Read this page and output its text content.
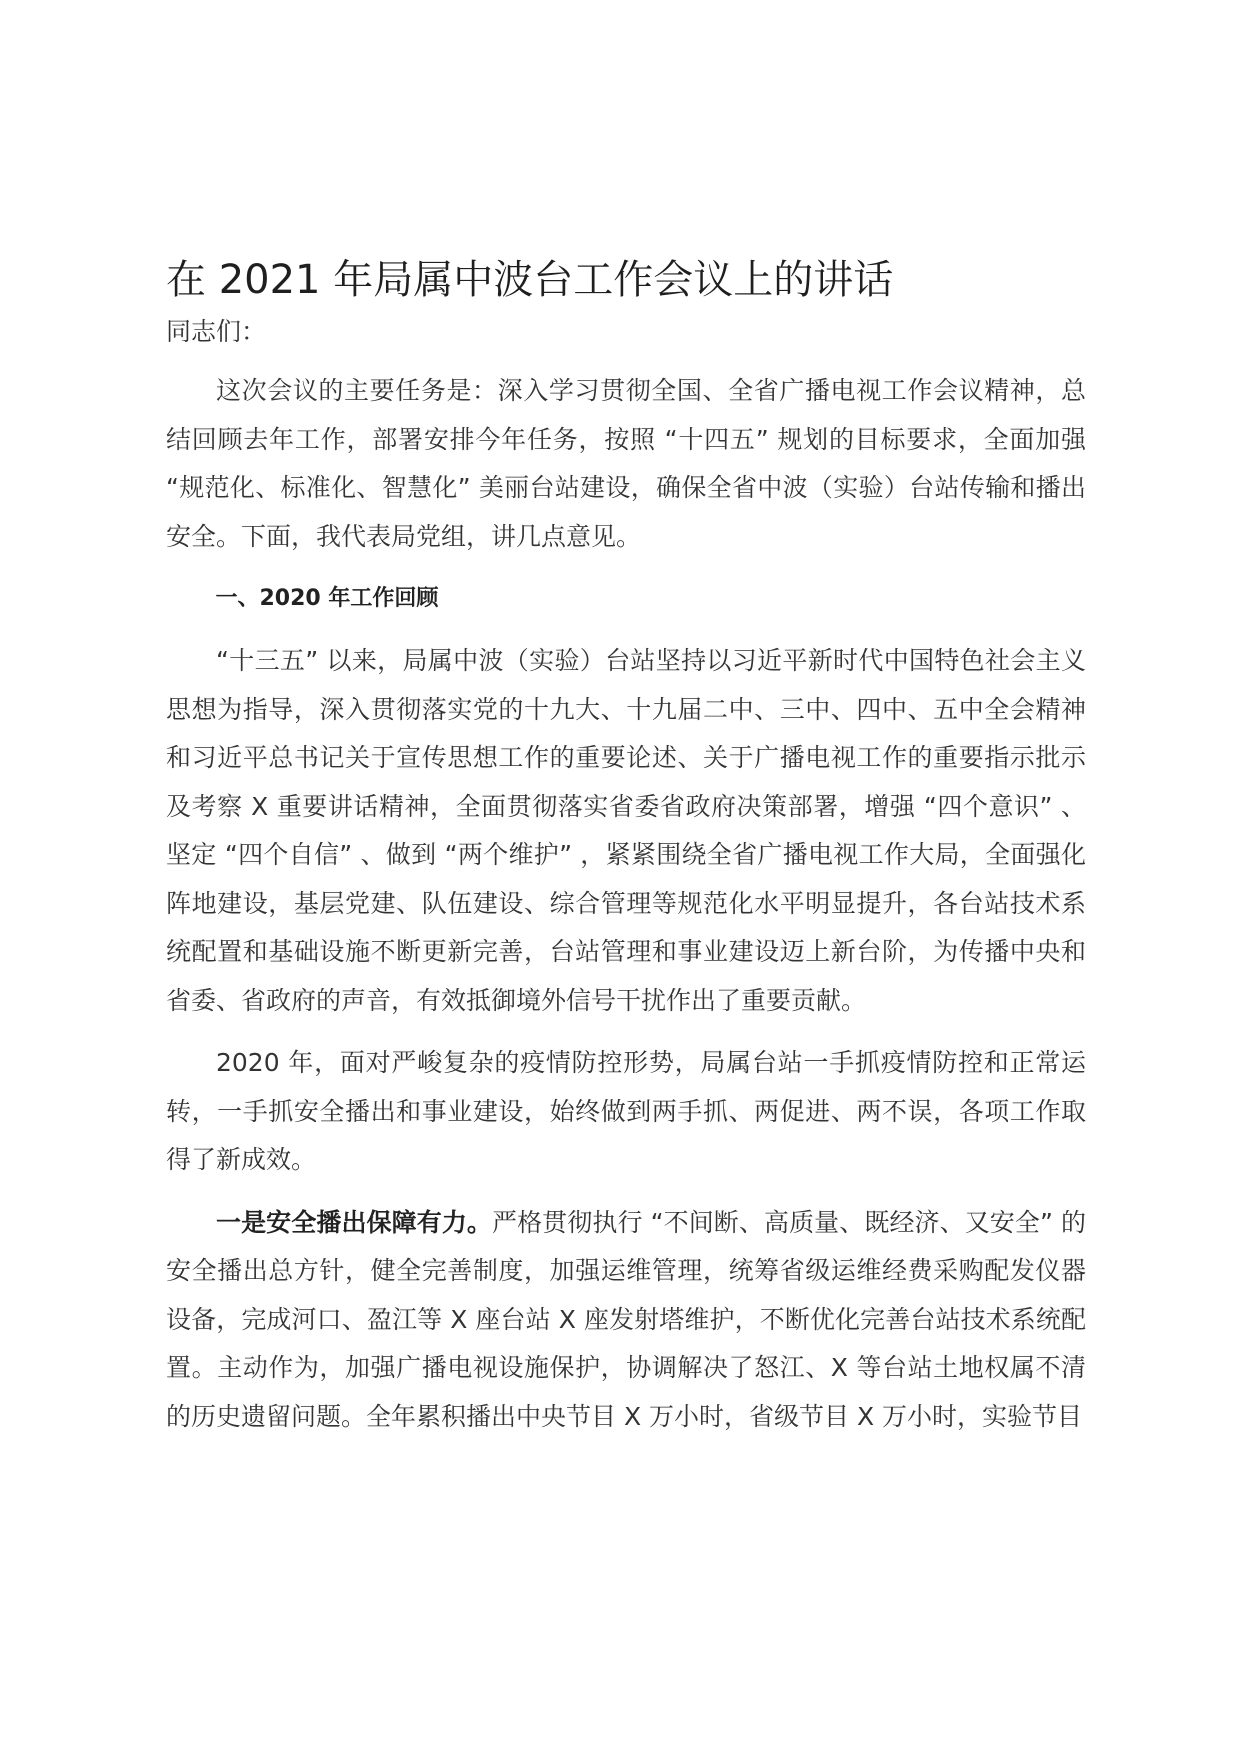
在 2021 年局属中波台工作会议上的讲话
同志们：

这次会议的主要任务是：深入学习贯彻全国、全省广播电视工作会议精神，总结回顾去年工作，部署安排今年任务，按照 “十四五” 规划的目标要求，全面加强 “规范化、标准化、智慧化” 美丽台站建设，确保全省中波（实验）台站传输和播出安全。下面，我代表局党组，讲几点意见。

一、2020 年工作回顾

“十三五” 以来，局属中波（实验）台站坚持以习近平新时代中国特色社会主义思想为指导，深入贯彻落实党的十九大、十九届二中、三中、四中、五中全会精神和习近平总书记关于宣传思想工作的重要论述、关于广播电视工作的重要指示批示及考察 X 重要讲话精神，全面贯彻落实省委省政府决策部署，增强 “四个意识” 、坚定 “四个自信” 、做到 “两个维护” ，紧紧围绕全省广播电视工作大局，全面强化阵地建设，基层党建、队伍建设、综合管理等规范化水平明显提升，各台站技术系统配置和基础设施不断更新完善，台站管理和事业建设迈上新台阶，为传播中央和省委、省政府的声音，有效抵御境外信号干扰作出了重要贡献。

2020 年，面对严峻复杂的疫情防控形势，局属台站一手抓疫情防控和正常运转，一手抓安全播出和事业建设，始终做到两手抓、两促进、两不误，各项工作取得了新成效。

一是安全播出保障有力。严格贯彻执行 “不间断、高质量、既经济、又安全” 的安全播出总方针，健全完善制度，加强运维管理，统筹省级运维经费采购配发仪器设备，完成河口、盈江等 X 座台站 X 座发射塔维护，不断优化完善台站技术系统配置。主动作为，加强广播电视设施保护，协调解决了怒江、X 等台站土地权属不清的历史遗留问题。全年累积播出中央节目 X 万小时，省级节目 X 万小时，实验节目
